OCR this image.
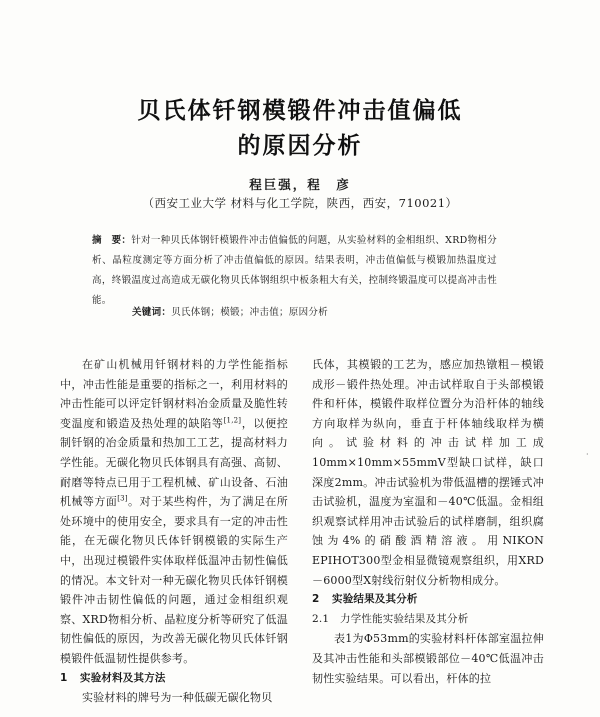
贝氏体钎钢模锻件冲击值偏低
的原因分析
程巨强，程　彦
（西安工业大学 材料与化工学院，陕西，西安，710021）
摘　要：针对一种贝氏体钢钎模锻件冲击值偏低的问题，从实验材料的金相组织、XRD物相分析、晶粒度测定等方面分析了冲击值偏低的原因。结果表明，冲击值偏低与模锻加热温度过高，终锻温度过高造成无碳化物贝氏体钢组织中板条粗大有关，控制终锻温度可以提高冲击性能。
关键词：贝氏体钢；模锻；冲击值；原因分析

在矿山机械用钎钢材料的力学性能指标中，冲击性能是重要的指标之一，利用材料的冲击性能可以评定钎钢材料冶金质量及脆性转变温度和锻造及热处理的缺陷等[1,2]，以便控制钎钢的冶金质量和热加工工艺，提高材料力学性能。无碳化物贝氏体钢具有高强、高韧、耐磨等特点已用于工程机械、矿山设备、石油机械等方面[3]。对于某些构件，为了满足在所处环境中的使用安全，要求具有一定的冲击性能，在无碳化物贝氏体钎钢模锻的实际生产中，出现过模锻件实体取样低温冲击韧性偏低的情况。本文针对一种无碳化物贝氏体钎钢模锻件冲击韧性偏低的问题，通过金相组织观察、XRD物相分析、晶粒度分析等研究了低温韧性偏低的原因，为改善无碳化物贝氏体钎钢模锻件低温韧性提供参考。

1 实验材料及其方法

实验材料的牌号为一种低碳无碳化物贝

氏体，其模锻的工艺为，感应加热镦粗－模锻成形－锻件热处理。冲击试样取自于头部模锻件和杆体，模锻件取样位置分为沿杆体的轴线方向取样为纵向，垂直于杆体轴线取样为横向。试验材料的冲击试样加工成10mm×10mm×55mmV型缺口试样，缺口深度2mm。冲击试验机为带低温槽的摆锤式冲击试验机，温度为室温和－40℃低温。金相组织观察试样用冲击试验后的试样磨制，组织腐蚀为4%的硝酸酒精溶液。用NIKON EPIHOT300型金相显微镜观察组织，用XRD－6000型X射线衍射仪分析物相成分。

2 实验结果及其分析

2.1 力学性能实验结果及其分析

表1为Φ53mm的实验材料杆体部室温拉伸及其冲击性能和头部模锻部位－40℃低温冲击韧性实验结果。可以看出，杆体的拉

·
